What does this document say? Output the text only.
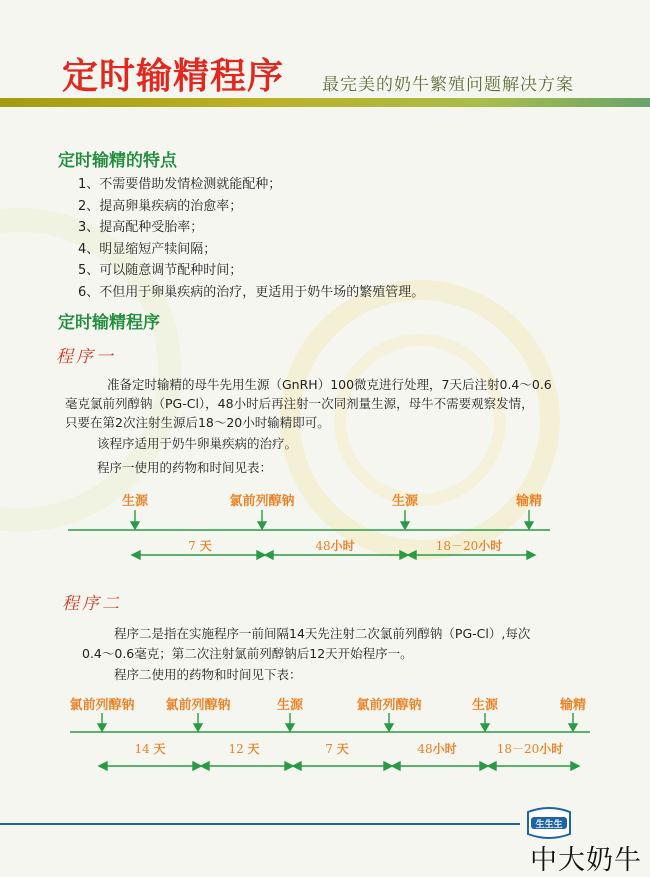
定时输精程序 最完美的奶牛繁殖问题解决方案
定时输精的特点
1、不需要借助发情检测就能配种；
2、提高卵巢疾病的治愈率；
3、提高配种受胎率；
4、明显缩短产犊间隔；
5、可以随意调节配种时间；
6、不但用于卵巢疾病的治疗，更适用于奶牛场的繁殖管理。
定时输精程序
程序一

准备定时输精的母牛先用生源（GnRH）100微克进行处理，7天后注射0.4～0.6

毫克氯前列醇钠（PG-Cl），48小时后再注射一次同剂量生源，母牛不需要观察发情，

只要在第2次注射生源后18～20小时输精即可。

该程序适用于奶牛卵巢疾病的治疗。

程序一使用的药物和时间见表：

生源	氯前列醇钠	生源	输精
7 天	48小时	18－20小时
程序二

程序二是指在实施程序一前间隔14天先注射二次氯前列醇钠（PG-Cl）,每次

0.4～0.6毫克；第二次注射氯前列醇钠后12天开始程序一。

程序二使用的药物和时间见下表：

氯前列醇钠 氯前列醇钠	生源	氯前列醇钠	生源	输精
14 天	12 天	7 天	48小时	18－20小时
生生生
中大奶牛
